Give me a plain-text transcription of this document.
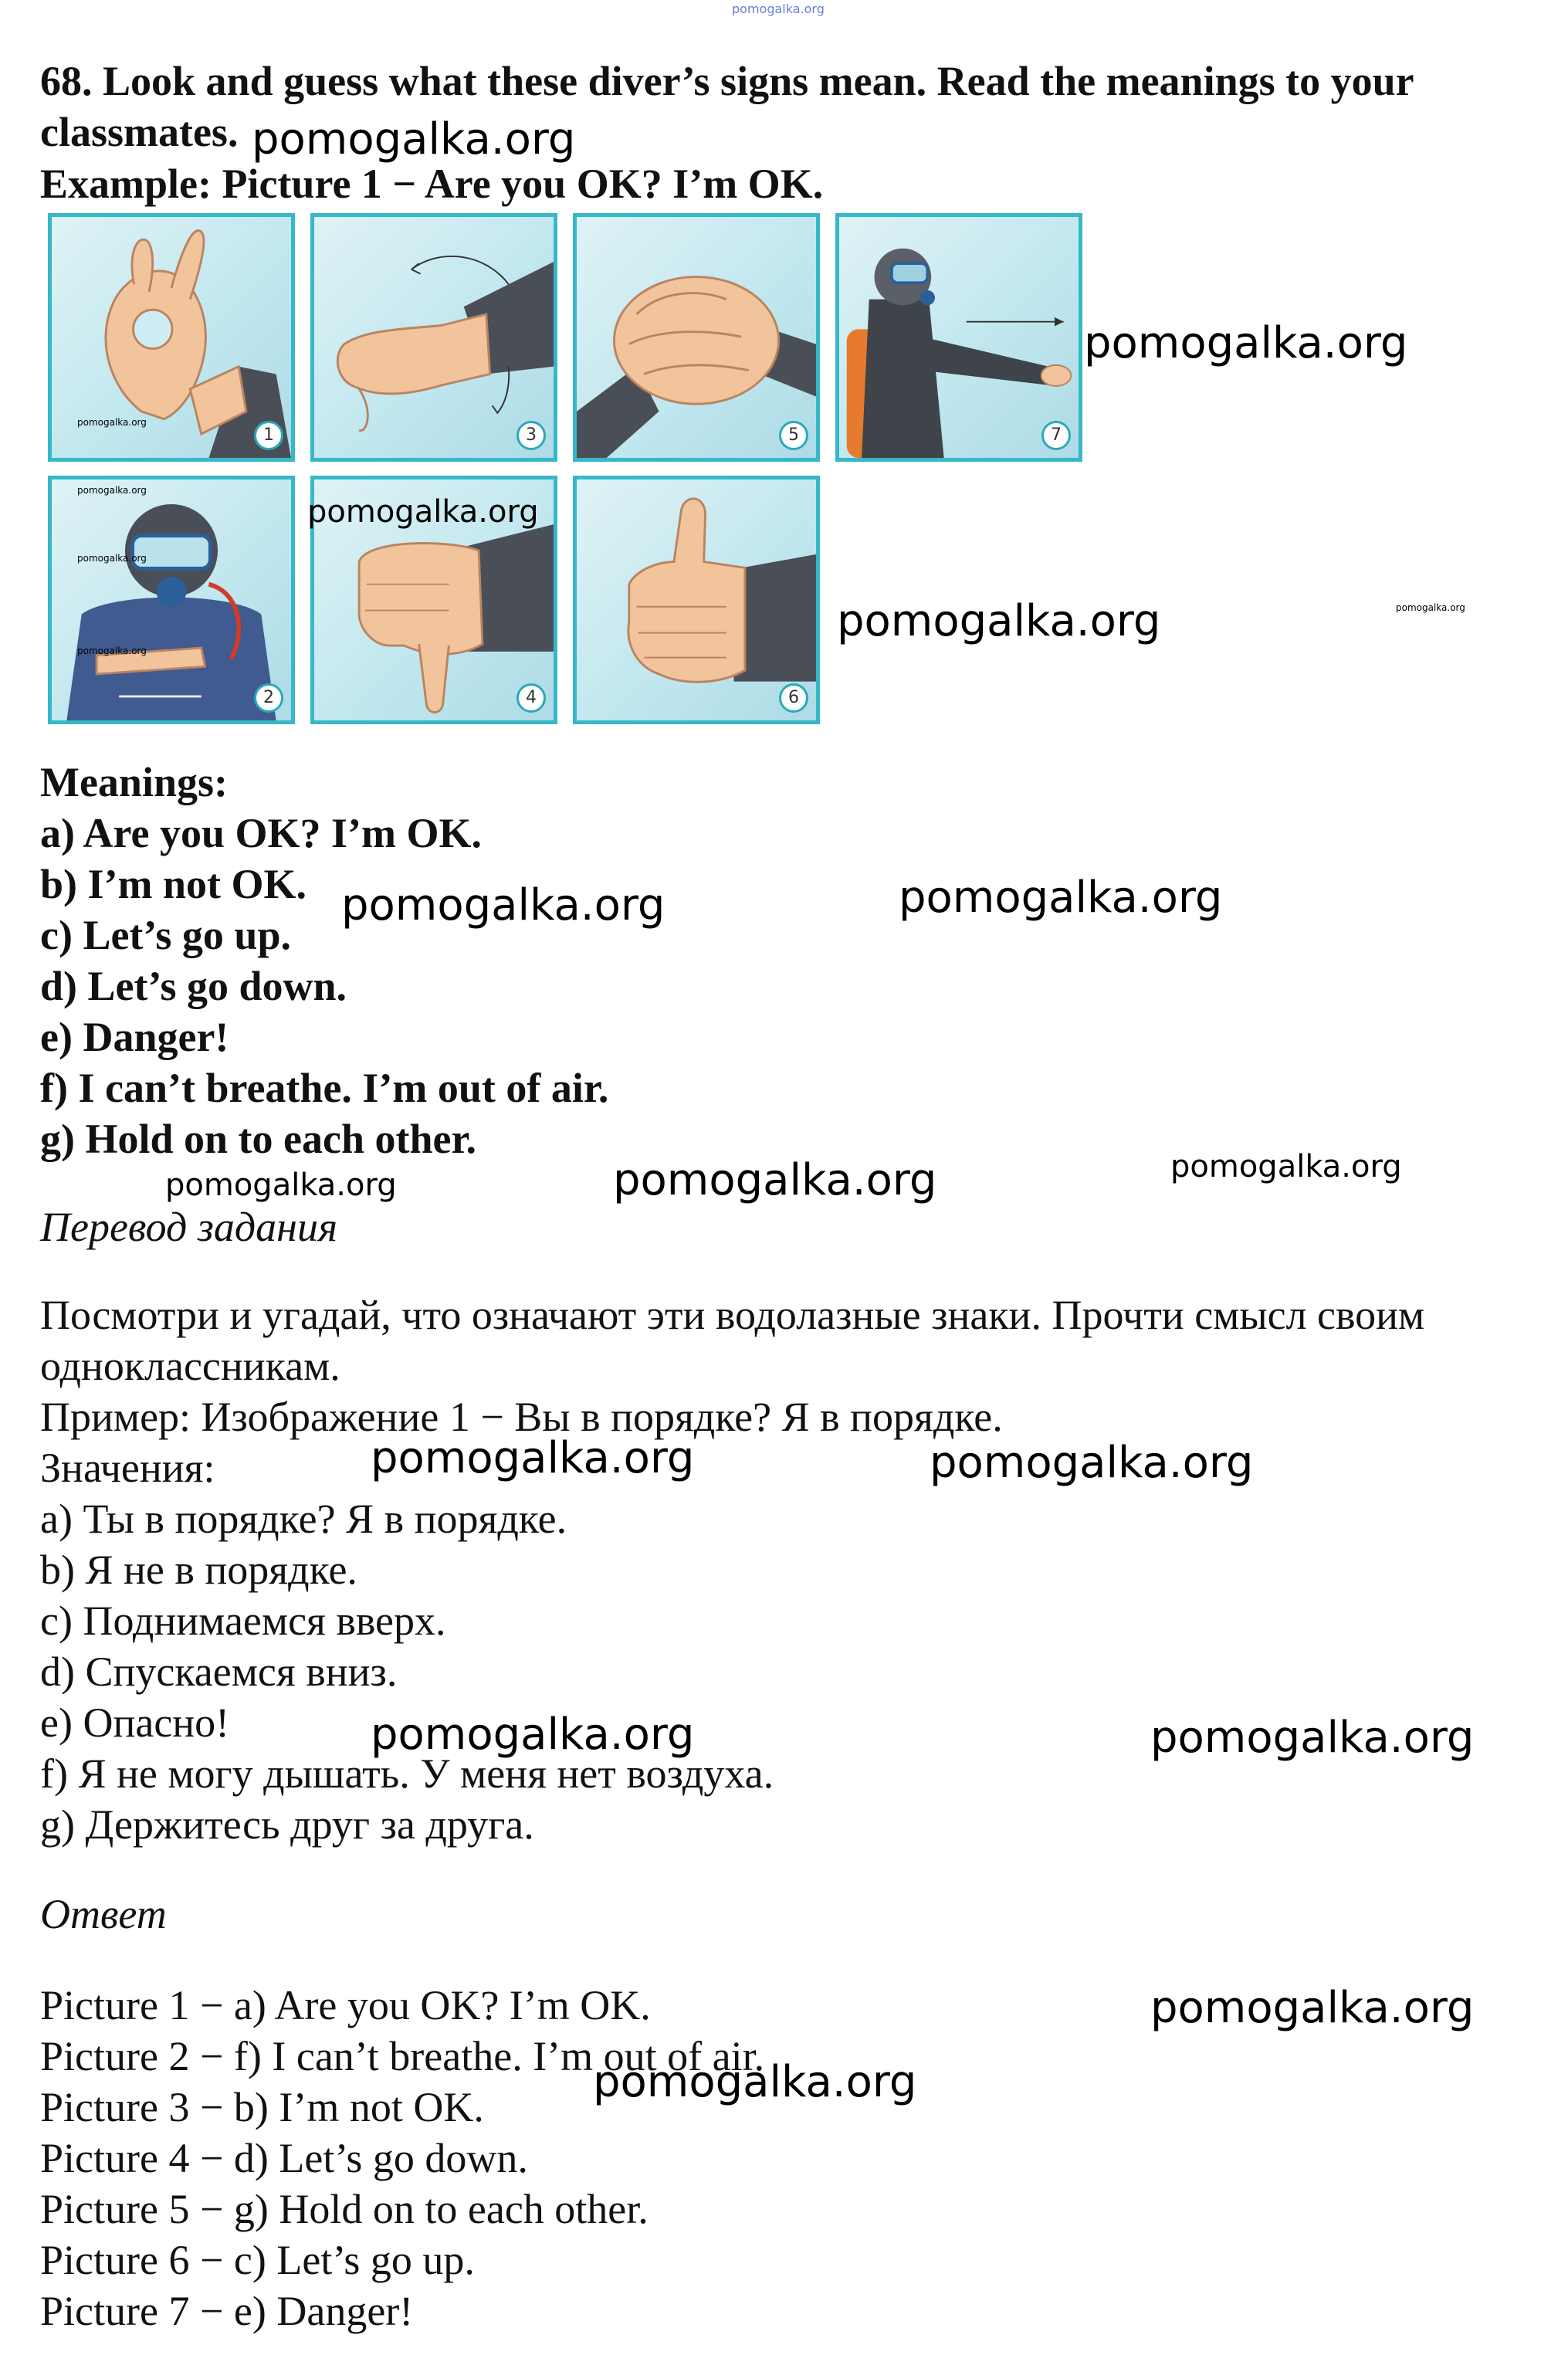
pomogalka.org
68. Look and guess what these diver’s signs mean. Read the meanings to your
classmates.
Example: Picture 1 − Are you OK? I’m OK.
1	3	5	7
2	4	6
pomogalka.org
pomogalka.org
pomogalka.org
pomogalka.org	pomogalka.org
pomogalka.org
pomogalka.org
pomogalka.org
pomogalka.org
Meanings:
a) Are you OK? I’m OK.
b) I’m not OK.
c) Let’s go up.
d) Let’s go down.
e) Danger!
f) I can’t breathe. I’m out of air.
g) Hold on to each other.
pomogalka.org	pomogalka.org
pomogalka.org	pomogalka.org	pomogalka.org
Перевод задания
Посмотри и угадай, что означают эти водолазные знаки. Прочти смысл своим
одноклассникам.
Пример: Изображение 1 − Вы в порядке? Я в порядке.
Значения:
a) Ты в порядке? Я в порядке.
b) Я не в порядке.
c) Поднимаемся вверх.
d) Спускаемся вниз.
e) Опасно!
f) Я не могу дышать. У меня нет воздуха.
g) Держитесь друг за друга.
pomogalka.org	pomogalka.org
pomogalka.org	pomogalka.org
Ответ
Picture 1 − a) Are you OK? I’m OK.
Picture 2 − f) I can’t breathe. I’m out of air.
Picture 3 − b) I’m not OK.
Picture 4 − d) Let’s go down.
Picture 5 − g) Hold on to each other.
Picture 6 − c) Let’s go up.
Picture 7 − e) Danger!
pomogalka.org
pomogalka.org
